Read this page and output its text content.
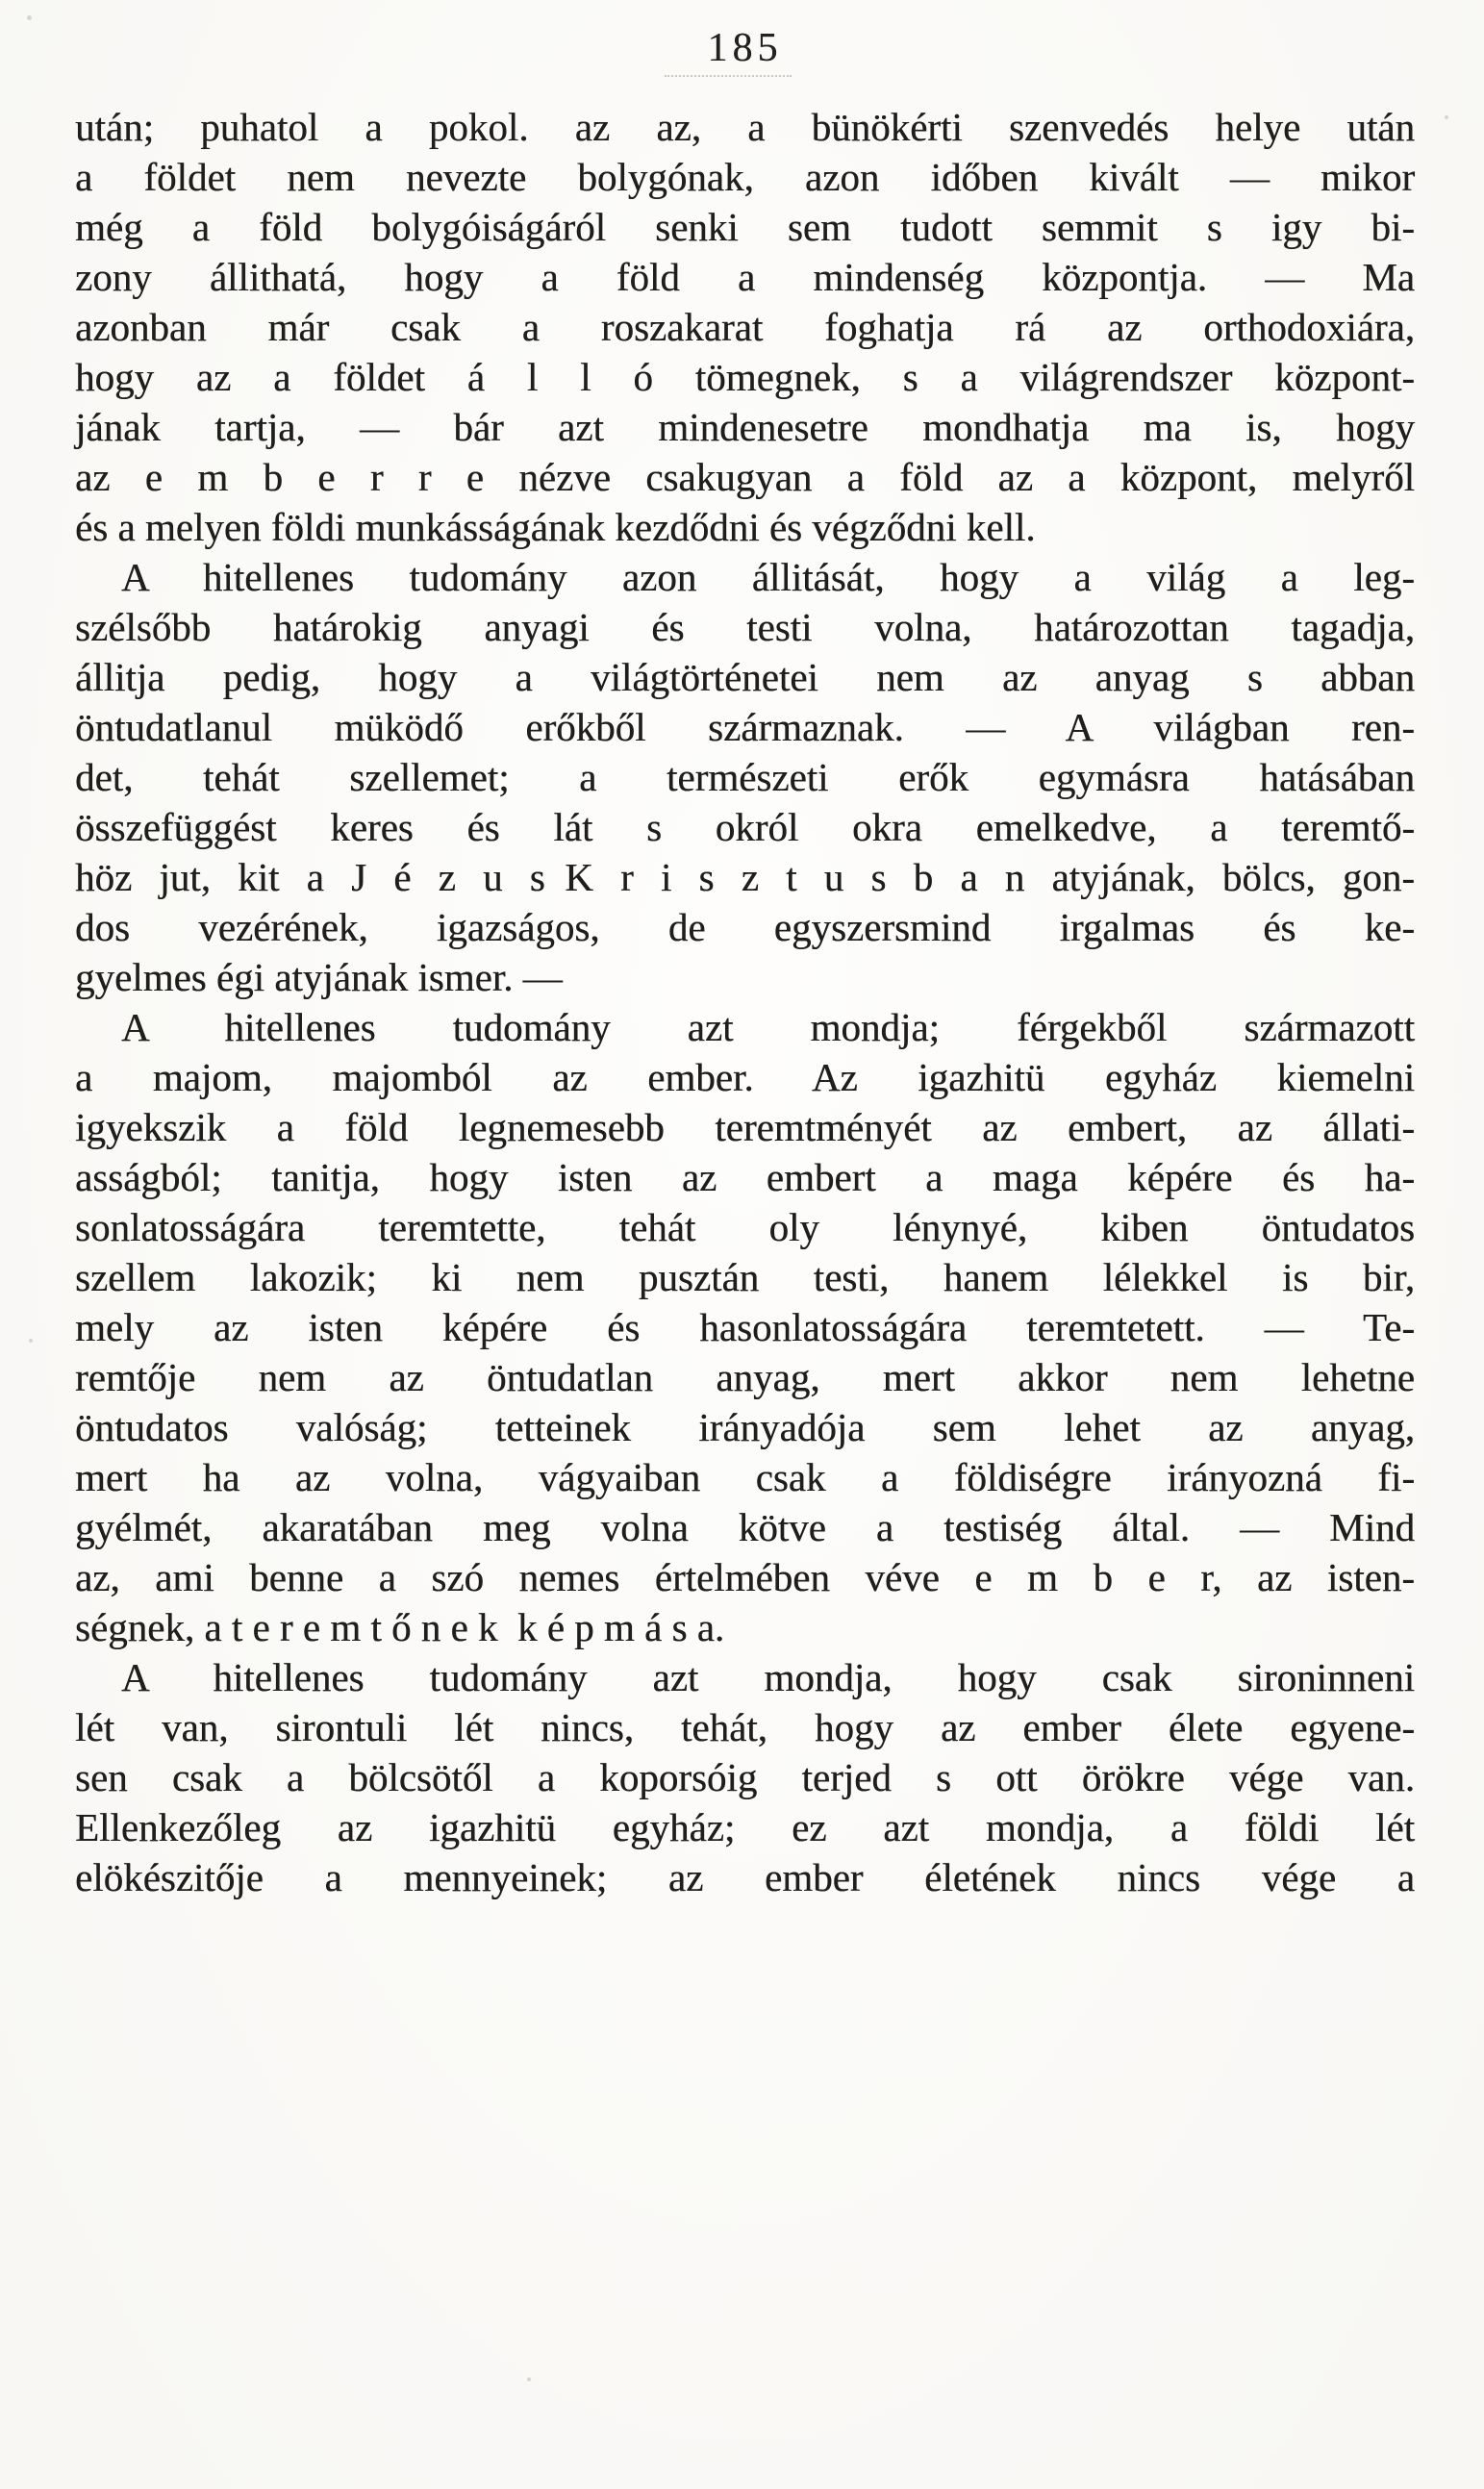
185
után; puhatol a pokol. az az, a bünökérti szenvedés helye után
a földet nem nevezte bolygónak, azon időben kivált — mikor
még a föld bolygóiságáról senki sem tudott semmit s igy bi-
zony állithatá, hogy a föld a mindenség központja. — Ma
azonban már csak a roszakarat foghatja rá az orthodoxiára,
hogy az a földet á l l ó tömegnek, s a világrendszer központ-
jának tartja, — bár azt mindenesetre mondhatja ma is, hogy
az e m b e r r e nézve csakugyan a föld az a központ, melyről
és a melyen földi munkásságának kezdődni és végződni kell.
A hitellenes tudomány azon állitását, hogy a világ a leg-
szélsőbb határokig anyagi és testi volna, határozottan tagadja,
állitja pedig, hogy a világtörténetei nem az anyag s abban
öntudatlanul müködő erőkből származnak. — A világban ren-
det, tehát szellemet; a természeti erők egymásra hatásában
összefüggést keres és lát s okról okra emelkedve, a teremtő-
höz jut, kit a J é z u s K r i s z t u s b a n atyjának, bölcs, gon-
dos vezérének, igazságos, de egyszersmind irgalmas és ke-
gyelmes égi atyjának ismer. —
A hitellenes tudomány azt mondja; férgekből származott
a majom, majomból az ember. Az igazhitü egyház kiemelni
igyekszik a föld legnemesebb teremtményét az embert, az állati-
asságból; tanitja, hogy isten az embert a maga képére és ha-
sonlatosságára teremtette, tehát oly lénynyé, kiben öntudatos
szellem lakozik; ki nem pusztán testi, hanem lélekkel is bir,
mely az isten képére és hasonlatosságára teremtetett. — Te-
remtője nem az öntudatlan anyag, mert akkor nem lehetne
öntudatos valóság; tetteinek irányadója sem lehet az anyag,
mert ha az volna, vágyaiban csak a földiségre irányozná fi-
gyélmét, akaratában meg volna kötve a testiség által. — Mind
az, ami benne a szó nemes értelmében véve e m b e r, az isten-
ségnek, a t e r e m t ő n e k k é p m á s a.
A hitellenes tudomány azt mondja, hogy csak sironinneni
lét van, sirontuli lét nincs, tehát, hogy az ember élete egyene-
sen csak a bölcsötől a koporsóig terjed s ott örökre vége van.
Ellenkezőleg az igazhitü egyház; ez azt mondja, a földi lét
elökészitője a mennyeinek; az ember életének nincs vége a
